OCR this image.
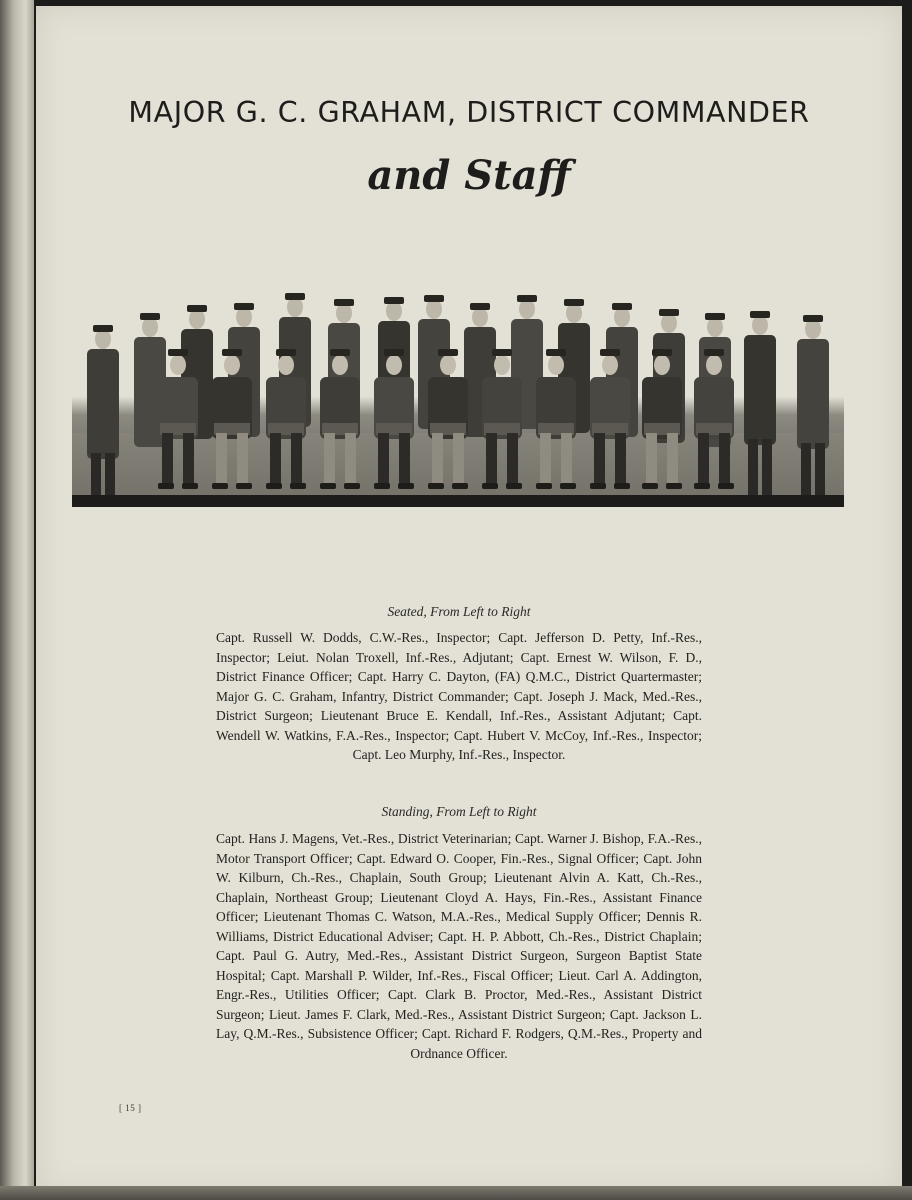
MAJOR G. C. GRAHAM, DISTRICT COMMANDER
and Staff
Seated, From Left to Right
Capt. Russell W. Dodds, C.W.-Res., Inspector; Capt. Jefferson D. Petty, Inf.-Res., Inspector; Leiut. Nolan Troxell, Inf.-Res., Adjutant; Capt. Ernest W. Wilson, F. D., District Finance Officer; Capt. Harry C. Dayton, (FA) Q.M.C., District Quartermaster; Major G. C. Graham, Infantry, District Commander; Capt. Joseph J. Mack, Med.-Res., District Surgeon; Lieutenant Bruce E. Kendall, Inf.-Res., Assistant Adjutant; Capt. Wendell W. Watkins, F.A.-Res., Inspector; Capt. Hubert V. McCoy, Inf.-Res., Inspector; Capt. Leo Murphy, Inf.-Res., Inspector.
Standing, From Left to Right
Capt. Hans J. Magens, Vet.-Res., District Veterinarian; Capt. Warner J. Bishop, F.A.-Res., Motor Transport Officer; Capt. Edward O. Cooper, Fin.-Res., Signal Officer; Capt. John W. Kilburn, Ch.-Res., Chaplain, South Group; Lieutenant Alvin A. Katt, Ch.-Res., Chaplain, Northeast Group; Lieutenant Cloyd A. Hays, Fin.-Res., Assistant Finance Officer; Lieutenant Thomas C. Watson, M.A.-Res., Medical Supply Officer; Dennis R. Williams, District Educational Adviser; Capt. H. P. Abbott, Ch.-Res., District Chaplain; Capt. Paul G. Autry, Med.-Res., Assistant District Surgeon, Surgeon Baptist State Hospital; Capt. Marshall P. Wilder, Inf.-Res., Fiscal Officer; Lieut. Carl A. Addington, Engr.-Res., Utilities Officer; Capt. Clark B. Proctor, Med.-Res., Assistant District Surgeon; Lieut. James F. Clark, Med.-Res., Assistant District Surgeon; Capt. Jackson L. Lay, Q.M.-Res., Subsistence Officer; Capt. Richard F. Rodgers, Q.M.-Res., Property and Ordnance Officer.
[ 15 ]
